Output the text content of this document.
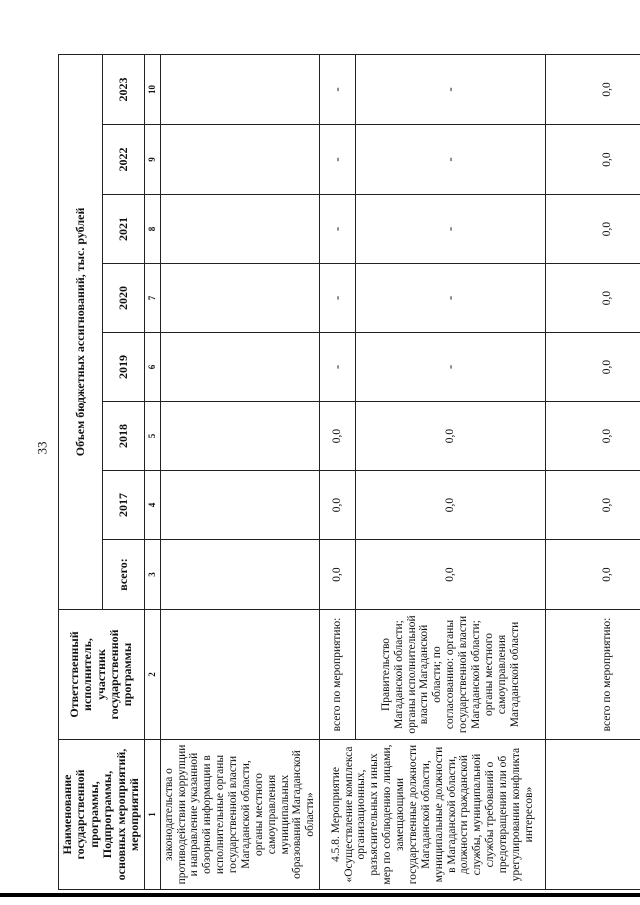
33
Наименование государственной программы, Подпрограммы, основных мероприятий, мероприятий	Ответственный исполнитель, участник государственной программы	Объем бюджетных ассигнований, тыс. рублей							
		всего:	2017	2018	2019	2020	2021	2022	2023
1	2	3	4	5	6	7	8	9	10
законодательства о противодействии коррупции и направление указанной обзорной информации в исполнительные органы государственной власти Магаданской области, органы местного самоуправления муниципальных образований Магаданской области»									
4.5.8. Мероприятие «Осуществление комплекса организационных, разъяснительных и иных мер по соблюдению лицами, замещающими государственные должности Магаданской области, муниципальные должности в Магаданской области, должности гражданской службы, муниципальной службы требований о предотвращении или об урегулировании конфликта интересов»	всего по мероприятию:	0,0	0,0	0,0	-	-	-	-	-
	Правительство Магаданской области; органы исполнительной власти Магаданской области; по согласованию: органы государственной власти Магаданской области; органы местного самоуправления Магаданской области	0,0	0,0	0,0	-	-	-	-	-
	всего по мероприятию:	0,0	0,0	0,0	0,0	0,0	0,0	0,0	0,0
